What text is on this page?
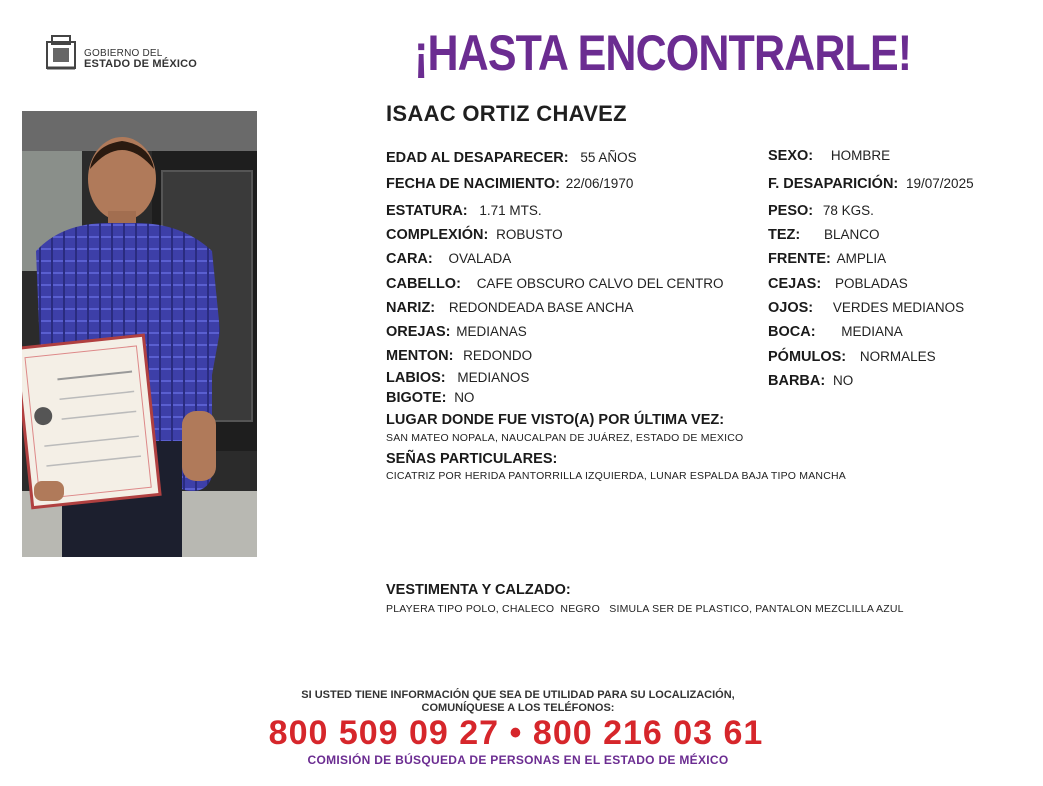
GOBIERNO DEL
ESTADO DE MÉXICO	¡HASTA ENCONTRARLE!
ISAAC ORTIZ CHAVEZ
EDAD AL DESAPARECER: 55 AÑOS
FECHA DE NACIMIENTO: 22/06/1970
ESTATURA: 1.71 MTS.
COMPLEXIÓN: ROBUSTO
CARA: OVALADA
CABELLO: CAFE OBSCURO CALVO DEL CENTRO
NARIZ: REDONDEADA BASE ANCHA
OREJAS: MEDIANAS
MENTON: REDONDO
LABIOS: MEDIANOS
BIGOTE: NO
SEXO: HOMBRE
F. DESAPARICIÓN: 19/07/2025
PESO: 78 KGS.
TEZ: BLANCO
FRENTE: AMPLIA
CEJAS: POBLADAS
OJOS: VERDES MEDIANOS
BOCA: MEDIANA
PÓMULOS: NORMALES
BARBA: NO
LUGAR DONDE FUE VISTO(A) POR ÚLTIMA VEZ:
SAN MATEO NOPALA, NAUCALPAN DE JUÁREZ, ESTADO DE MEXICO
SEÑAS PARTICULARES:
CICATRIZ POR HERIDA PANTORRILLA IZQUIERDA, LUNAR ESPALDA BAJA TIPO MANCHA
VESTIMENTA Y CALZADO:
PLAYERA TIPO POLO, CHALECO  NEGRO   SIMULA SER DE PLASTICO, PANTALON MEZCLILLA AZUL
SI USTED TIENE INFORMACIÓN QUE SEA DE UTILIDAD PARA SU LOCALIZACIÓN,
COMUNÍQUESE A LOS TELÉFONOS:
800 509 09 27 • 800 216 03 61
COMISIÓN DE BÚSQUEDA DE PERSONAS EN EL ESTADO DE MÉXICO
